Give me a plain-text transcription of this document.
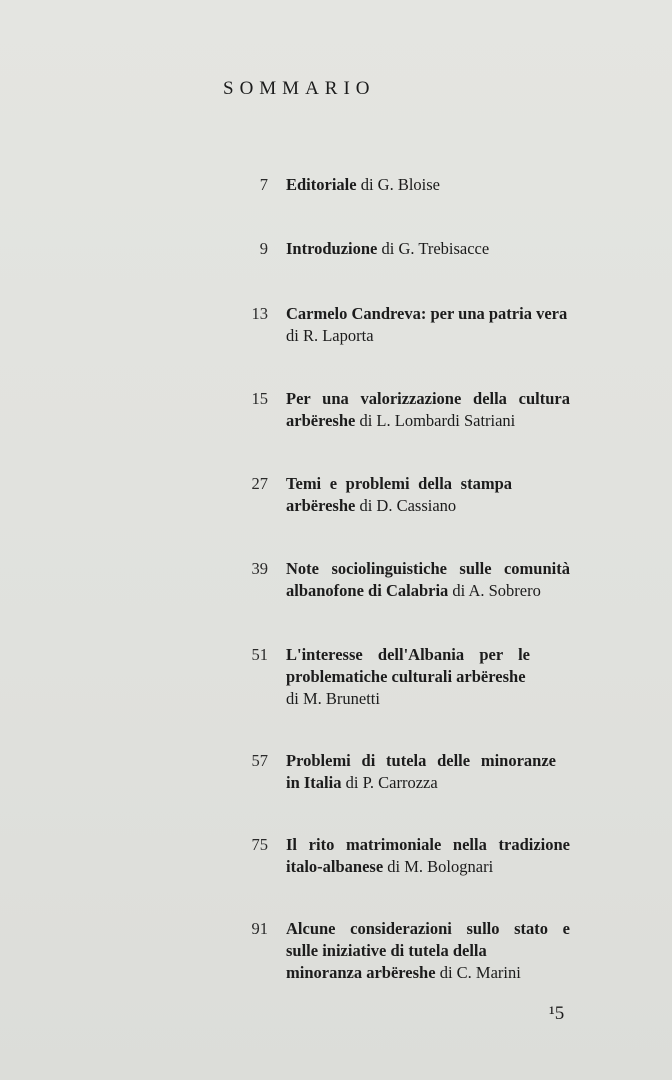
SOMMARIO
7 Editoriale di G. Bloise
9 Introduzione di G. Trebisacce
13 Carmelo Candreva: per una patria vera
di R. Laporta
15 Per una valorizzazione della cultura
arbëreshe di L. Lombardi Satriani
27 Temi e problemi della stampa
arbëreshe di D. Cassiano
39 Note sociolinguistiche sulle comunità
albanofone di Calabria di A. Sobrero
51 L'interesse dell'Albania per le
problematiche culturali arbëreshe
di M. Brunetti
57 Problemi di tutela delle minoranze
in Italia di P. Carrozza
75 Il rito matrimoniale nella tradizione
italo-albanese di M. Bolognari
91 Alcune considerazioni sullo stato e
sulle iniziative di tutela della
minoranza arbëreshe di C. Marini
¹5
